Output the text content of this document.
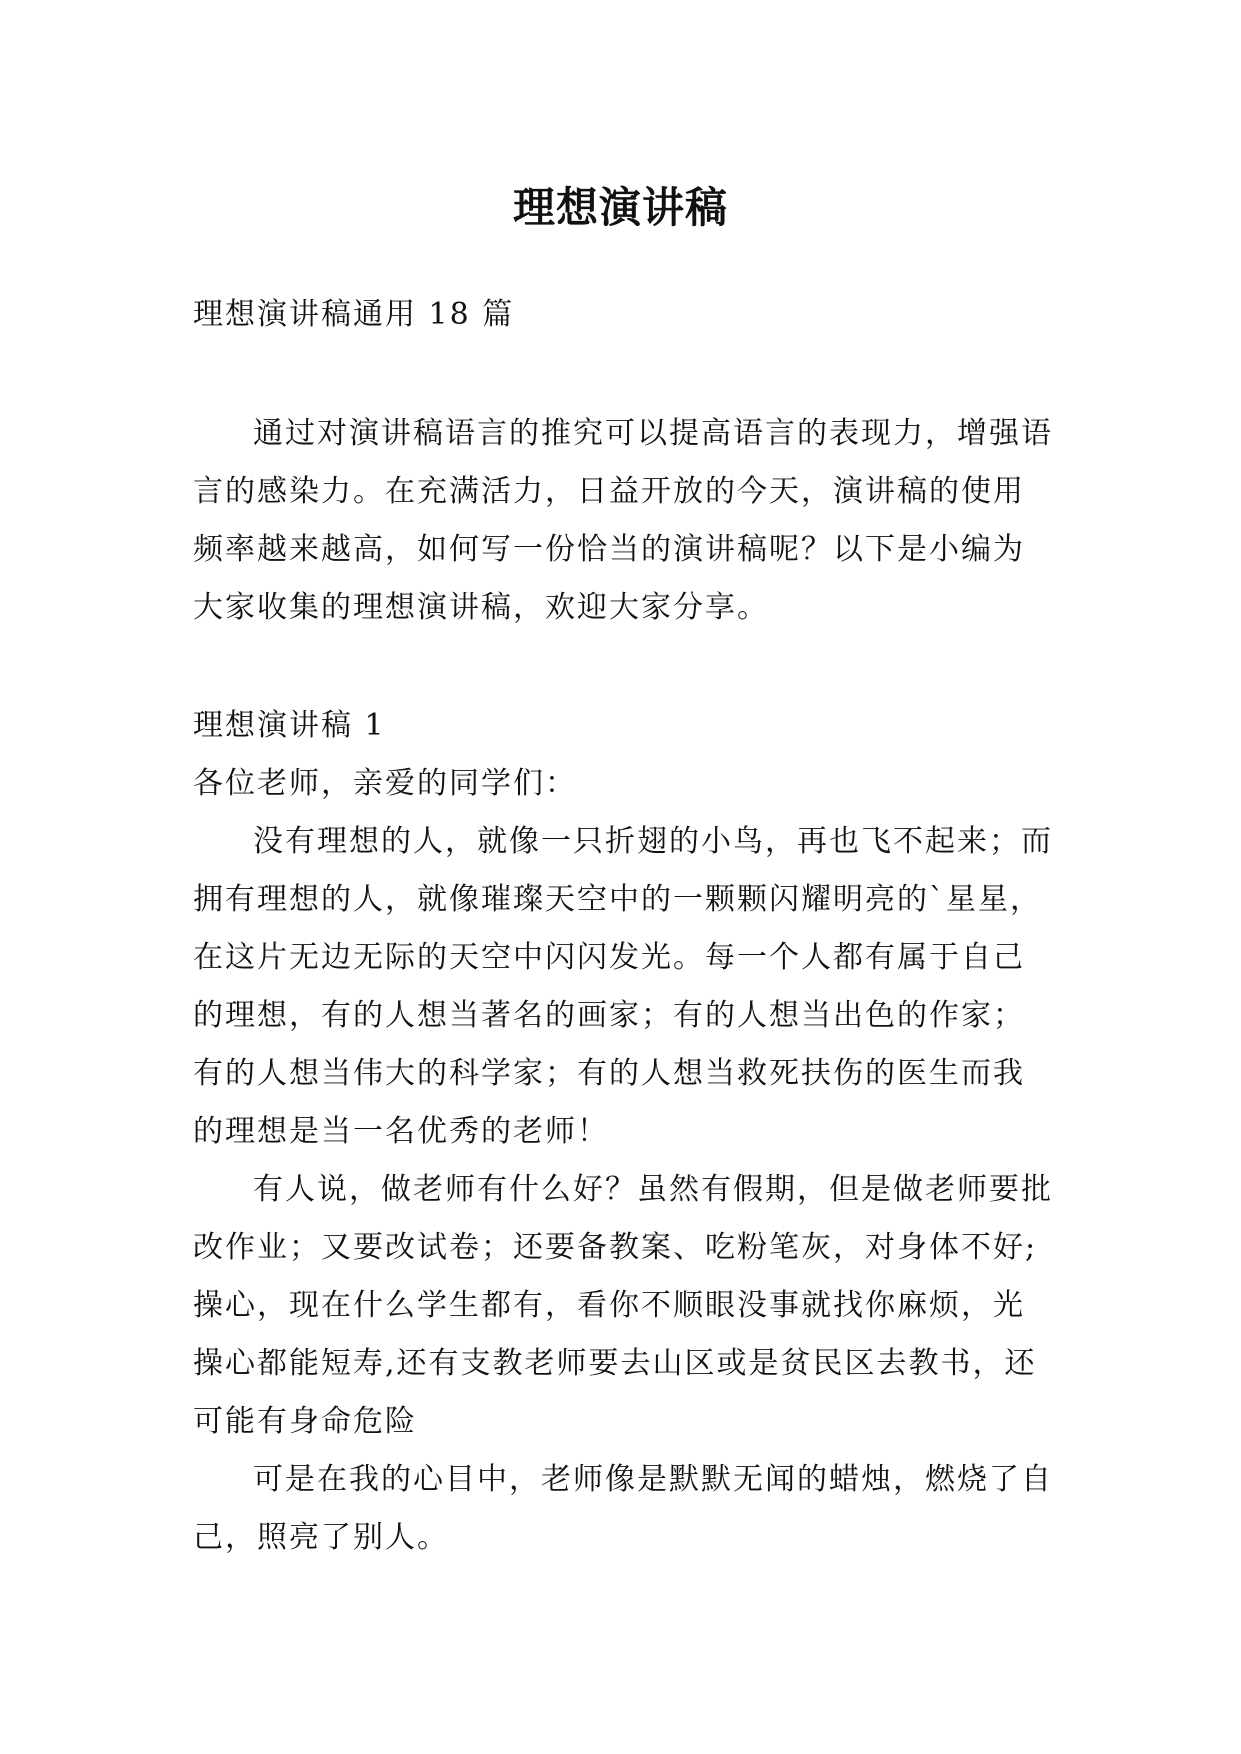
理想演讲稿

理想演讲稿通用 18 篇

通过对演讲稿语言的推究可以提高语言的表现力，增强语言的感染力。在充满活力，日益开放的今天，演讲稿的使用频率越来越高，如何写一份恰当的演讲稿呢？以下是小编为大家收集的理想演讲稿，欢迎大家分享。

理想演讲稿 1

各位老师，亲爱的同学们：

没有理想的人，就像一只折翅的小鸟，再也飞不起来；而拥有理想的人，就像璀璨天空中的一颗颗闪耀明亮的`星星，在这片无边无际的天空中闪闪发光。每一个人都有属于自己的理想，有的人想当著名的画家；有的人想当出色的作家；有的人想当伟大的科学家；有的人想当救死扶伤的医生而我的理想是当一名优秀的老师！

有人说，做老师有什么好？虽然有假期，但是做老师要批改作业；又要改试卷；还要备教案、吃粉笔灰，对身体不好; 操心，现在什么学生都有，看你不顺眼没事就找你麻烦，光操心都能短寿,还有支教老师要去山区或是贫民区去教书，还可能有身命危险

可是在我的心目中，老师像是默默无闻的蜡烛，燃烧了自己，照亮了别人。
